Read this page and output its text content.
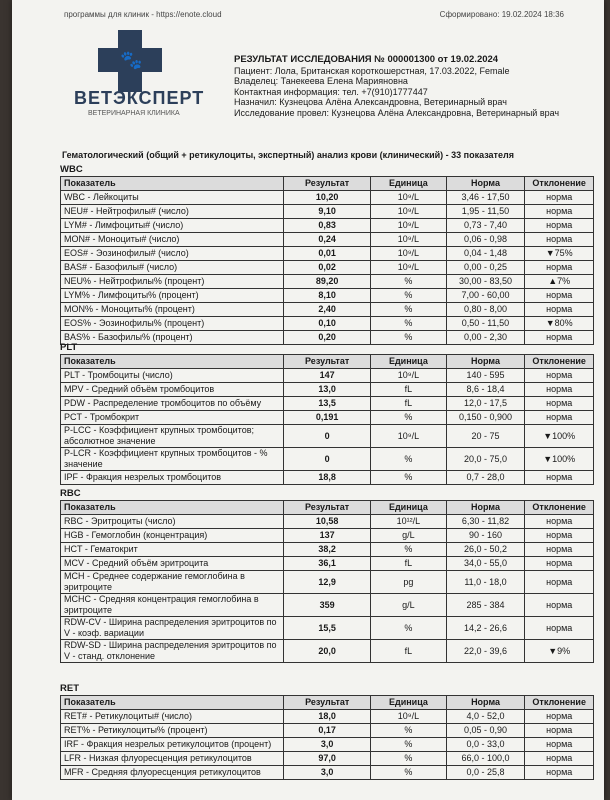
программы для клиник - https://enote.cloud	Сформировано: 19.02.2024 18:36
🐾
ВЕТЭКСПЕРТ
ВЕТЕРИНАРНАЯ КЛИНИКА
РЕЗУЛЬТАТ ИССЛЕДОВАНИЯ № 000001300 от 19.02.2024
Пациент: Лола, Британская короткошерстная, 17.03.2022, Female
Владелец: Танекеева Елена Марияновна
Контактная информация: тел. +7(910)1777447
Назначил: Кузнецова Алёна Александровна, Ветеринарный врач
Исследование провел: Кузнецова Алёна Александровна, Ветеринарный врач
Гематологический (общий + ретикулоциты, экспертный) анализ крови (клинический) - 33 показателя
WBC
Показатель	Результат	Единица	Норма	Отклонение
WBC - Лейкоциты	10,20	10⁹/L	3,46 - 17,50	норма
NEU# - Нейтрофилы# (число)	9,10	10⁹/L	1,95 - 11,50	норма
LYM# - Лимфоциты# (число)	0,83	10⁹/L	0,73 - 7,40	норма
MON# - Моноциты# (число)	0,24	10⁹/L	0,06 - 0,98	норма
EOS# - Эозинофилы# (число)	0,01	10⁹/L	0,04 - 1,48	▼75%
BAS# - Базофилы# (число)	0,02	10⁹/L	0,00 - 0,25	норма
NEU% - Нейтрофилы% (процент)	89,20	%	30,00 - 83,50	▲7%
LYM% - Лимфоциты% (процент)	8,10	%	7,00 - 60,00	норма
MON% - Моноциты% (процент)	2,40	%	0,80 - 8,00	норма
EOS% - Эозинофилы% (процент)	0,10	%	0,50 - 11,50	▼80%
BAS% - Базофилы% (процент)	0,20	%	0,00 - 2,30	норма
PLT
Показатель	Результат	Единица	Норма	Отклонение
PLT - Тромбоциты (число)	147	10⁹/L	140 - 595	норма
MPV - Средний объём тромбоцитов	13,0	fL	8,6 - 18,4	норма
PDW - Распределение тромбоцитов по объёму	13,5	fL	12,0 - 17,5	норма
PCT - Тромбокрит	0,191	%	0,150 - 0,900	норма
P-LCC - Коэффициент крупных тромбоцитов; абсолютное значение	0	10⁹/L	20 - 75	▼100%
P-LCR - Коэффициент крупных тромбоцитов - % значение	0	%	20,0 - 75,0	▼100%
IPF - Фракция незрелых тромбоцитов	18,8	%	0,7 - 28,0	норма
RBC
Показатель	Результат	Единица	Норма	Отклонение
RBC - Эритроциты (число)	10,58	10¹²/L	6,30 - 11,82	норма
HGB - Гемоглобин (концентрация)	137	g/L	90 - 160	норма
HCT - Гематокрит	38,2	%	26,0 - 50,2	норма
MCV - Средний объём эритроцита	36,1	fL	34,0 - 55,0	норма
MCH - Среднее содержание гемоглобина в эритроците	12,9	pg	11,0 - 18,0	норма
MCHC - Средняя концентрация гемоглобина в эритроците	359	g/L	285 - 384	норма
RDW-CV - Ширина распределения эритроцитов по V - коэф. вариации	15,5	%	14,2 - 26,6	норма
RDW-SD - Ширина распределения эритроцитов по V - станд. отклонение	20,0	fL	22,0 - 39,6	▼9%
RET
Показатель	Результат	Единица	Норма	Отклонение
RET# - Ретикулоциты# (число)	18,0	10⁹/L	4,0 - 52,0	норма
RET% - Ретикулоциты% (процент)	0,17	%	0,05 - 0,90	норма
IRF - Фракция незрелых ретикулоцитов (процент)	3,0	%	0,0 - 33,0	норма
LFR - Низкая флуоресценция ретикулоцитов	97,0	%	66,0 - 100,0	норма
MFR - Средняя флуоресценция ретикулоцитов	3,0	%	0,0 - 25,8	норма
